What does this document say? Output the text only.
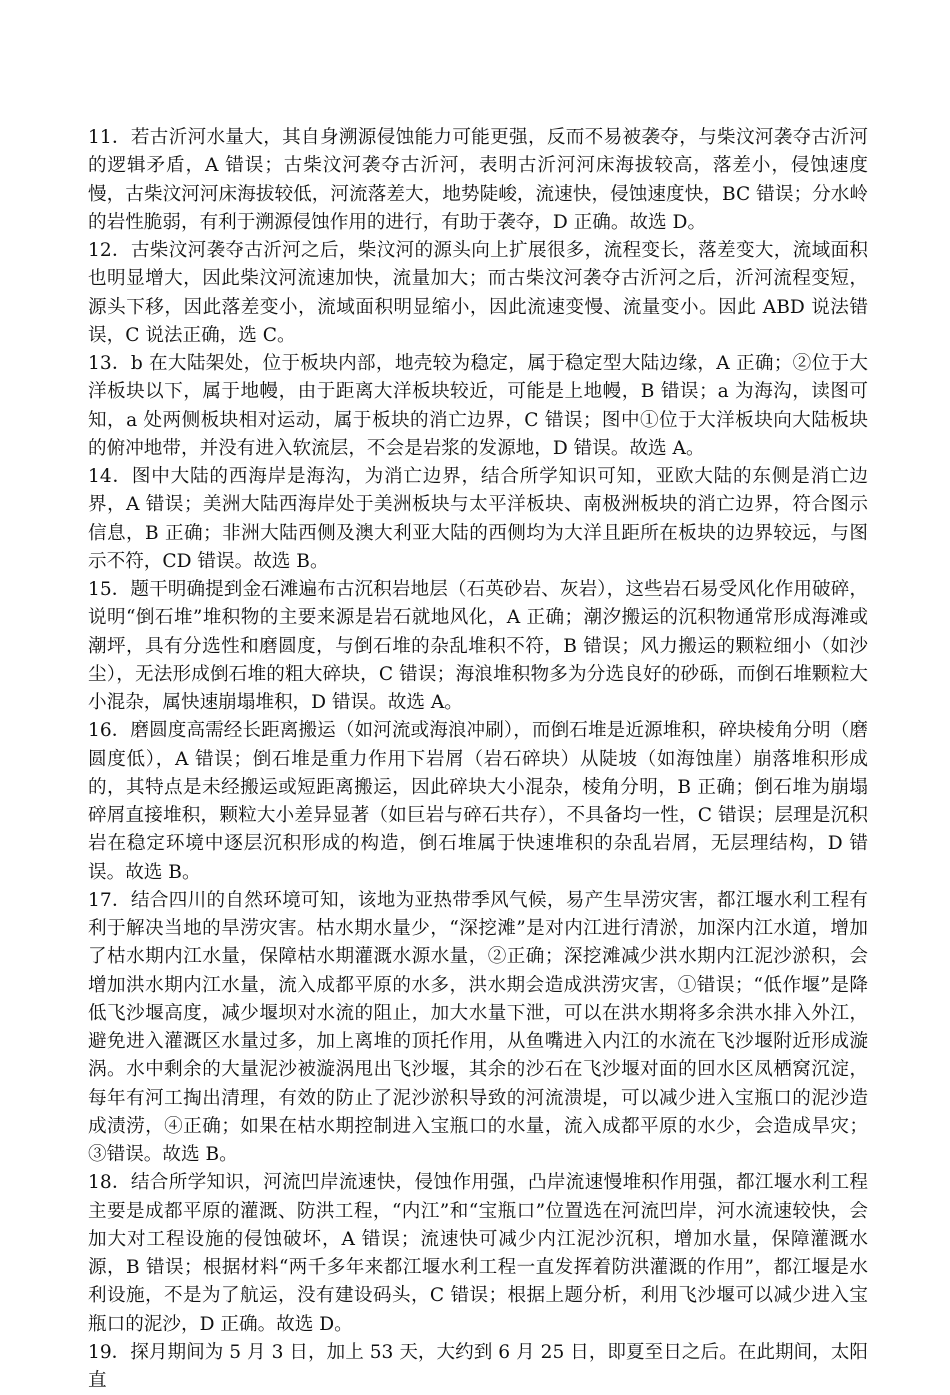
11．若古沂河水量大，其自身溯源侵蚀能力可能更强，反而不易被袭夺，与柴汶河袭夺古沂河的逻辑矛盾，A 错误；古柴汶河袭夺古沂河，表明古沂河河床海拔较高，落差小，侵蚀速度慢，古柴汶河河床海拔较低，河流落差大，地势陡峻，流速快，侵蚀速度快，BC 错误；分水岭的岩性脆弱，有利于溯源侵蚀作用的进行，有助于袭夺，D 正确。故选 D。

12．古柴汶河袭夺古沂河之后，柴汶河的源头向上扩展很多，流程变长，落差变大，流域面积也明显增大，因此柴汶河流速加快，流量加大；而古柴汶河袭夺古沂河之后，沂河流程变短，源头下移，因此落差变小，流域面积明显缩小，因此流速变慢、流量变小。因此 ABD 说法错误，C 说法正确，选 C。

13．b 在大陆架处，位于板块内部，地壳较为稳定，属于稳定型大陆边缘，A 正确；②位于大洋板块以下，属于地幔，由于距离大洋板块较近，可能是上地幔，B 错误；a 为海沟，读图可知，a 处两侧板块相对运动，属于板块的消亡边界，C 错误；图中①位于大洋板块向大陆板块的俯冲地带，并没有进入软流层，不会是岩浆的发源地，D 错误。故选 A。

14．图中大陆的西海岸是海沟，为消亡边界，结合所学知识可知，亚欧大陆的东侧是消亡边界，A 错误；美洲大陆西海岸处于美洲板块与太平洋板块、南极洲板块的消亡边界，符合图示信息，B 正确；非洲大陆西侧及澳大利亚大陆的西侧均为大洋且距所在板块的边界较远，与图示不符，CD 错误。故选 B。

15．题干明确提到金石滩遍布古沉积岩地层（石英砂岩、灰岩），这些岩石易受风化作用破碎，说明“倒石堆”堆积物的主要来源是岩石就地风化，A 正确；潮汐搬运的沉积物通常形成海滩或潮坪，具有分选性和磨圆度，与倒石堆的杂乱堆积不符，B 错误；风力搬运的颗粒细小（如沙尘），无法形成倒石堆的粗大碎块，C 错误；海浪堆积物多为分选良好的砂砾，而倒石堆颗粒大小混杂，属快速崩塌堆积，D 错误。故选 A。

16．磨圆度高需经长距离搬运（如河流或海浪冲刷），而倒石堆是近源堆积，碎块棱角分明（磨圆度低），A 错误；倒石堆是重力作用下岩屑（岩石碎块）从陡坡（如海蚀崖）崩落堆积形成的，其特点是未经搬运或短距离搬运，因此碎块大小混杂，棱角分明，B 正确；倒石堆为崩塌碎屑直接堆积，颗粒大小差异显著（如巨岩与碎石共存），不具备均一性，C 错误；层理是沉积岩在稳定环境中逐层沉积形成的构造，倒石堆属于快速堆积的杂乱岩屑，无层理结构，D 错误。故选 B。

17．结合四川的自然环境可知，该地为亚热带季风气候，易产生旱涝灾害，都江堰水利工程有利于解决当地的旱涝灾害。枯水期水量少，“深挖滩”是对内江进行清淤，加深内江水道，增加了枯水期内江水量，保障枯水期灌溉水源水量，②正确；深挖滩减少洪水期内江泥沙淤积，会增加洪水期内江水量，流入成都平原的水多，洪水期会造成洪涝灾害，①错误；“低作堰”是降低飞沙堰高度，减少堰坝对水流的阻止，加大水量下泄，可以在洪水期将多余洪水排入外江，避免进入灌溉区水量过多，加上离堆的顶托作用，从鱼嘴进入内江的水流在飞沙堰附近形成漩涡。水中剩余的大量泥沙被漩涡甩出飞沙堰，其余的沙石在飞沙堰对面的回水区凤栖窝沉淀，每年有河工掏出清理，有效的防止了泥沙淤积导致的河流溃堤，可以减少进入宝瓶口的泥沙造成渍涝，④正确；如果在枯水期控制进入宝瓶口的水量，流入成都平原的水少，会造成旱灾；③错误。故选 B。

18．结合所学知识，河流凹岸流速快，侵蚀作用强，凸岸流速慢堆积作用强，都江堰水利工程主要是成都平原的灌溉、防洪工程，“内江”和“宝瓶口”位置选在河流凹岸，河水流速较快，会加大对工程设施的侵蚀破坏，A 错误；流速快可减少内江泥沙沉积，增加水量，保障灌溉水源，B 错误；根据材料“两千多年来都江堰水利工程一直发挥着防洪灌溉的作用”，都江堰是水利设施，不是为了航运，没有建设码头，C 错误；根据上题分析，利用飞沙堰可以减少进入宝瓶口的泥沙，D 正确。故选 D。

19．探月期间为 5 月 3 日，加上 53 天，大约到 6 月 25 日，即夏至日之后。在此期间，太阳直
